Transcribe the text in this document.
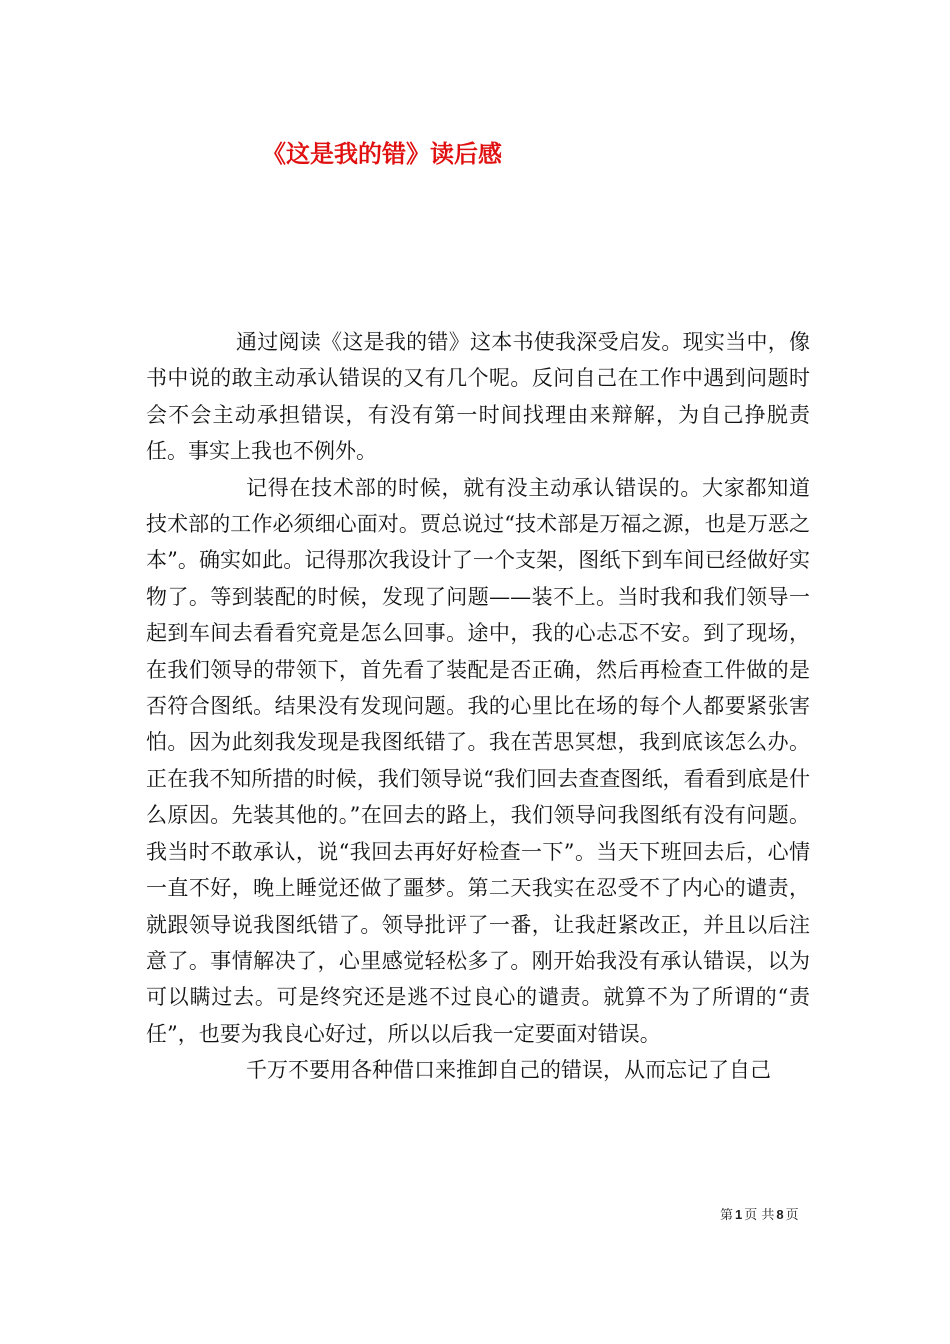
《这是我的错》读后感

通过阅读《这是我的错》这本书使我深受启发。现实当中，像书中说的敢主动承认错误的又有几个呢。反问自己在工作中遇到问题时会不会主动承担错误，有没有第一时间找理由来辩解，为自己挣脱责任。事实上我也不例外。

记得在技术部的时候，就有没主动承认错误的。大家都知道技术部的工作必须细心面对。贾总说过“技术部是万福之源，也是万恶之本”。确实如此。记得那次我设计了一个支架，图纸下到车间已经做好实物了。等到装配的时候，发现了问题——装不上。当时我和我们领导一起到车间去看看究竟是怎么回事。途中，我的心忐忑不安。到了现场，在我们领导的带领下，首先看了装配是否正确，然后再检查工件做的是否符合图纸。结果没有发现问题。我的心里比在场的每个人都要紧张害怕。因为此刻我发现是我图纸错了。我在苦思冥想，我到底该怎么办。正在我不知所措的时候，我们领导说“我们回去查查图纸，看看到底是什么原因。先装其他的。”在回去的路上，我们领导问我图纸有没有问题。我当时不敢承认，说“我回去再好好检查一下”。当天下班回去后，心情一直不好，晚上睡觉还做了噩梦。第二天我实在忍受不了内心的谴责，就跟领导说我图纸错了。领导批评了一番，让我赶紧改正，并且以后注意了。事情解决了，心里感觉轻松多了。刚开始我没有承认错误，以为可以瞒过去。可是终究还是逃不过良心的谴责。就算不为了所谓的“责任”，也要为我良心好过，所以以后我一定要面对错误。

千万不要用各种借口来推卸自己的错误，从而忘记了自己

第 1 页 共 8 页
